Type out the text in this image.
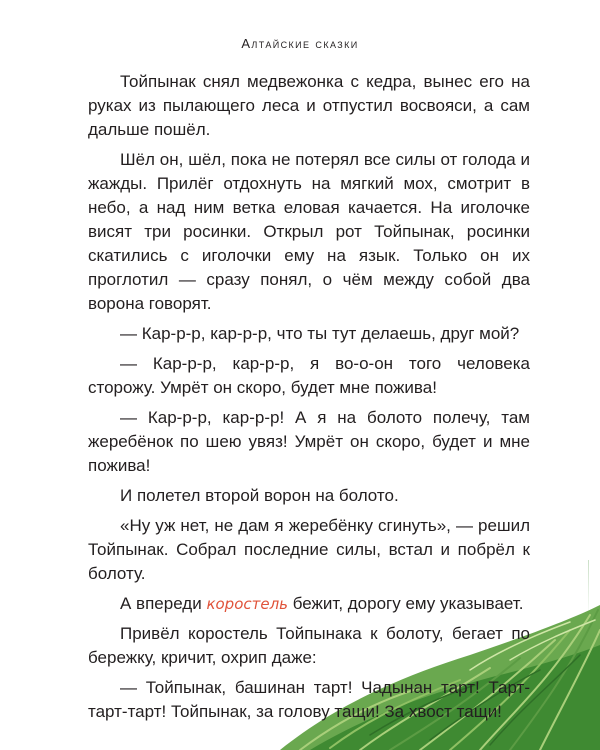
Алтайские сказки

Тойпынак снял медвежонка с кедра, вынес его на руках из пылающего леса и отпустил восвояси, а сам дальше пошёл.

Шёл он, шёл, пока не потерял все силы от голода и жажды. Прилёг отдохнуть на мягкий мох, смотрит в небо, а над ним ветка еловая качается. На иголочке висят три росинки. Открыл рот Тойпынак, росинки скатились с иголочки ему на язык. Только он их проглотил — сразу понял, о чём между собой два ворона говорят.

— Кар-р-р, кар-р-р, что ты тут делаешь, друг мой?

— Кар-р-р, кар-р-р, я во-о-он того человека сторожу. Умрёт он скоро, будет мне пожива!

— Кар-р-р, кар-р-р! А я на болото полечу, там жеребёнок по шею увяз! Умрёт он скоро, будет и мне пожива!

И полетел второй ворон на болото.

«Ну уж нет, не дам я жеребёнку сгинуть», — решил Тойпынак. Собрал последние силы, встал и побрёл к болоту.

А впереди коростель бежит, дорогу ему указывает.

Привёл коростель Тойпынака к болоту, бегает по бережку, кричит, охрип даже:

— Тойпынак, башинан тарт! Чадынан тарт! Тарт-тарт-тарт! Тойпынак, за голову тащи! За хвост тащи!
